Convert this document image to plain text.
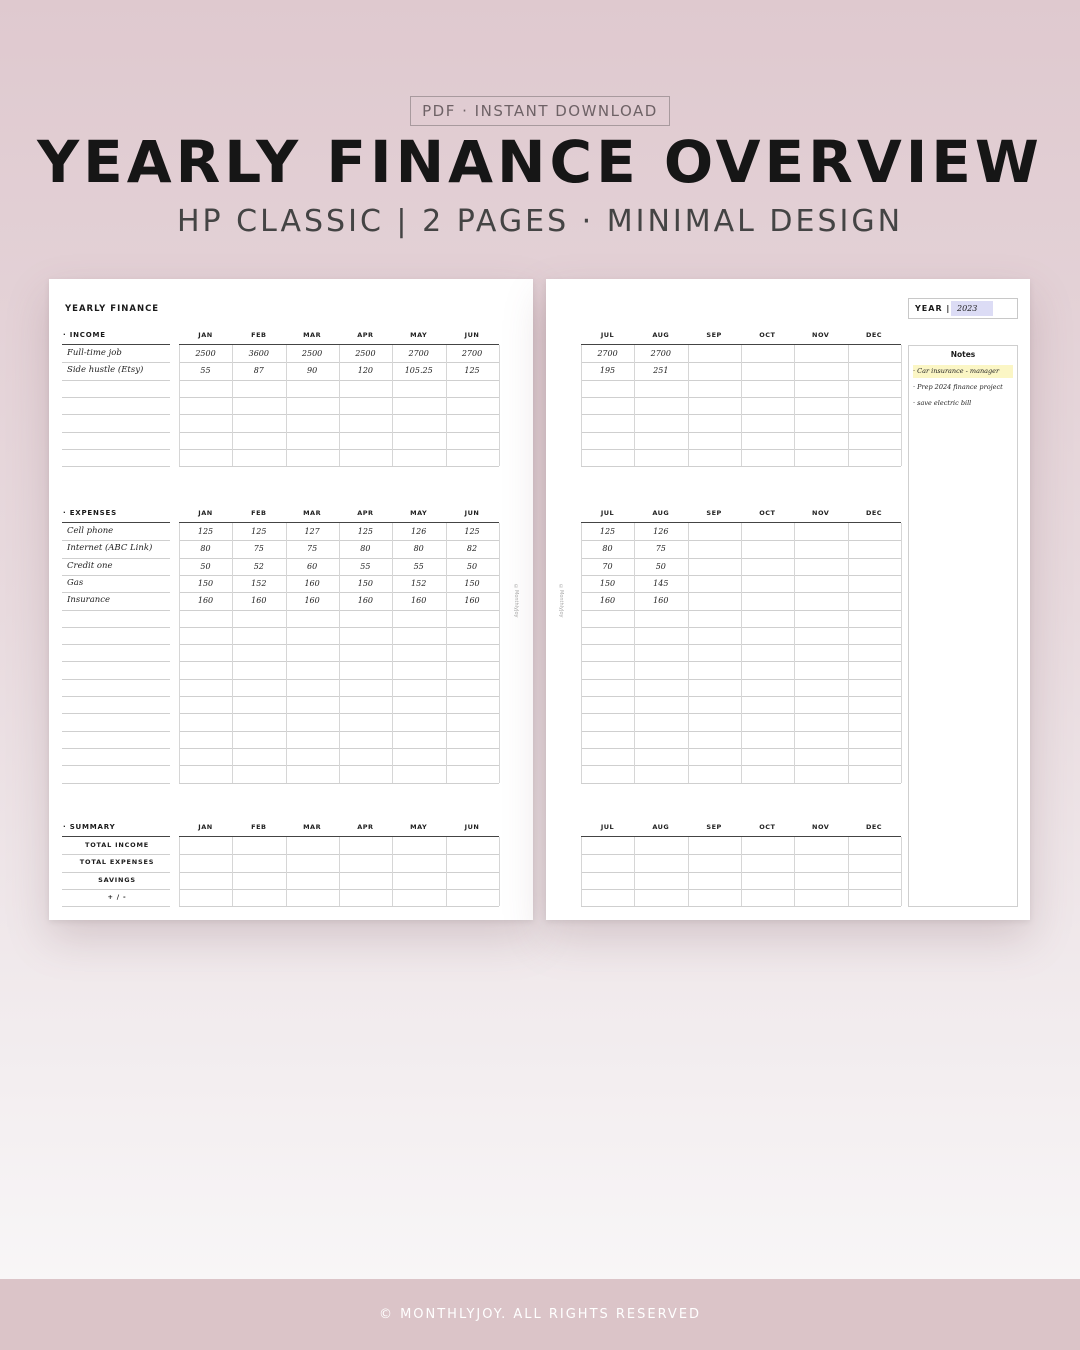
PDF · INSTANT DOWNLOAD
YEARLY FINANCE OVERVIEW
HP CLASSIC | 2 PAGES · MINIMAL DESIGN
YEARLY FINANCE
©MonthlyJoy
· INCOME	JAN	FEB	MAR	APR	MAY	JUN
Full-time job	2500	3600	2500	2500	2700	2700
Side hustle (Etsy)	55	87	90	120	105.25	125
· EXPENSES	JAN	FEB	MAR	APR	MAY	JUN
Cell phone	125	125	127	125	126	125
Internet (ABC Link)	80	75	75	80	80	82
Credit one	50	52	60	55	55	50
Gas	150	152	160	150	152	150
Insurance	160	160	160	160	160	160
· SUMMARY	JAN	FEB	MAR	APR	MAY	JUN
TOTAL INCOME
TOTAL EXPENSES
SAVINGS
+ / -
©MonthlyJoy
YEAR | 2023
Notes
· Car insurance - manager
· Prep 2024 finance project
· save electric bill
JUL	AUG	SEP	OCT	NOV	DEC
2700	2700
195	251
JUL	AUG	SEP	OCT	NOV	DEC
125	126
80	75
70	50
150	145
160	160
JUL	AUG	SEP	OCT	NOV	DEC
© MONTHLYJOY. ALL RIGHTS RESERVED
